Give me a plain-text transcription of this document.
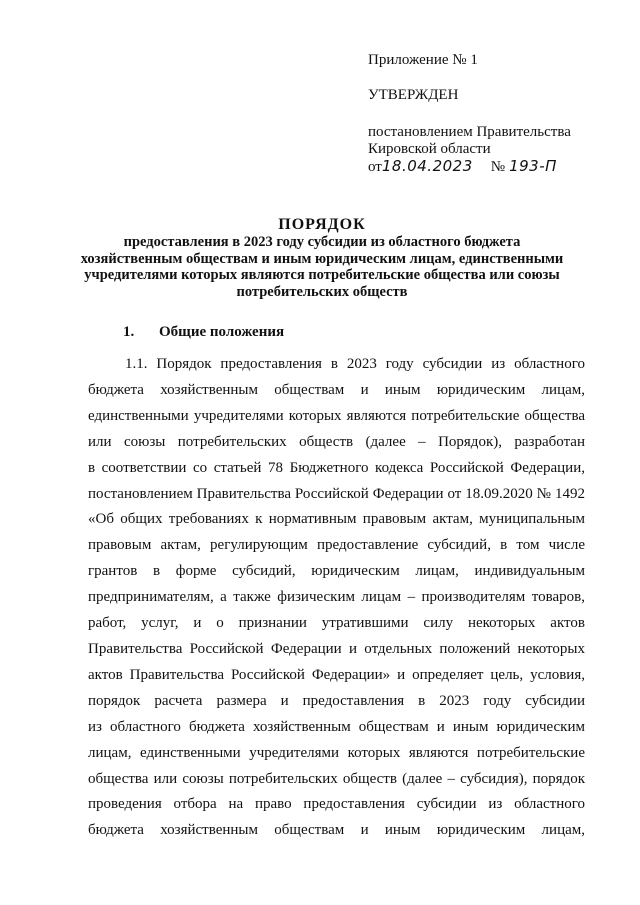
Приложение № 1
УТВЕРЖДЕН
постановлением Правительства
Кировской области
от 18.04.2023 № 193-П
ПОРЯДОК
предоставления в 2023 году субсидии из областного бюджета
хозяйственным обществам и иным юридическим лицам, единственными
учредителями которых являются потребительские общества или союзы
потребительских обществ
1. Общие положения
1.1. Порядок предоставления в 2023 году субсидии из областного
бюджета хозяйственным обществам и иным юридическим лицам,
единственными учредителями которых являются потребительские общества
или союзы потребительских обществ (далее – Порядок), разработан
в соответствии со статьей 78 Бюджетного кодекса Российской Федерации,
постановлением Правительства Российской Федерации от 18.09.2020 № 1492
«Об общих требованиях к нормативным правовым актам, муниципальным
правовым актам, регулирующим предоставление субсидий, в том числе
грантов в форме субсидий, юридическим лицам, индивидуальным
предпринимателям, а также физическим лицам – производителям товаров,
работ, услуг, и о признании утратившими силу некоторых актов
Правительства Российской Федерации и отдельных положений некоторых
актов Правительства Российской Федерации» и определяет цель, условия,
порядок расчета размера и предоставления в 2023 году субсидии
из областного бюджета хозяйственным обществам и иным юридическим
лицам, единственными учредителями которых являются потребительские
общества или союзы потребительских обществ (далее – субсидия), порядок
проведения отбора на право предоставления субсидии из областного
бюджета хозяйственным обществам и иным юридическим лицам,
